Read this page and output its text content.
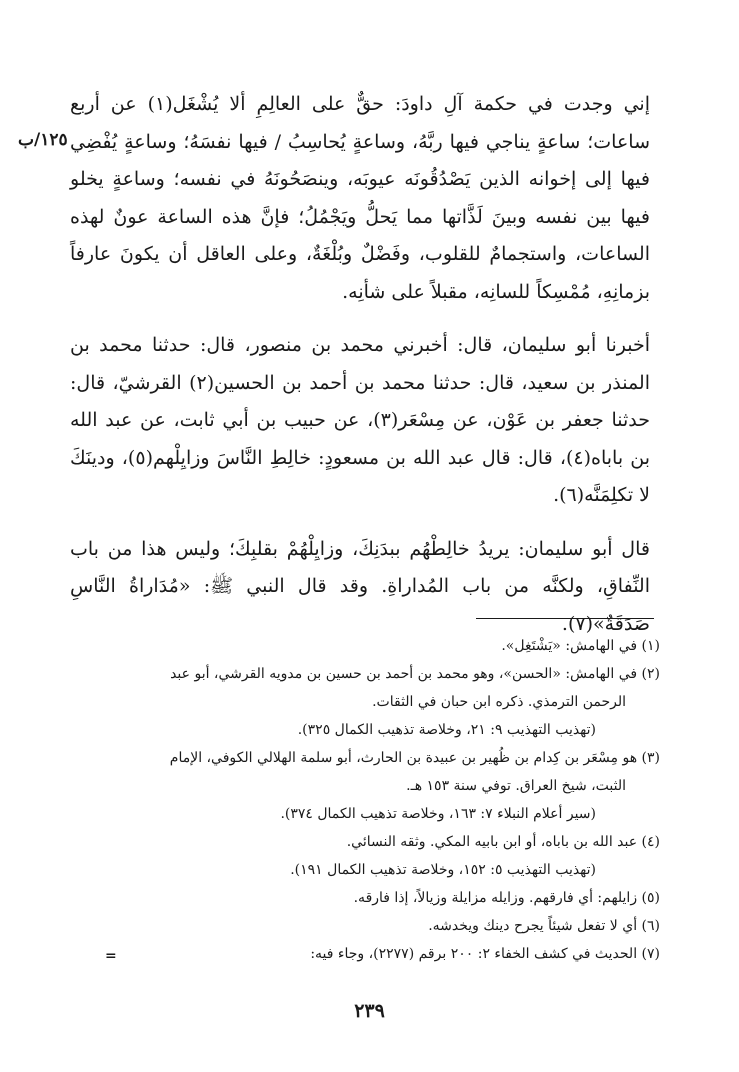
١٢٥/ب

إني وجدت في حكمة آلِ داودَ: حقٌّ على العالِمِ ألا يُشْغَل(١) عن أربع ساعات؛ ساعةٍ يناجي فيها ربَّهُ، وساعةٍ يُحاسِبُ / فيها نفسَهُ؛ وساعةٍ يُفْضِي فيها إلى إخوانه الذين يَصْدُقُونَه عيوبَه، وينصَحُونَهُ في نفسه؛ وساعةٍ يخلو فيها بين نفسه وبينَ لَذَّاتها مما يَحلُّ ويَجْمُلُ؛ فإنَّ هذه الساعة عونٌ لهذه الساعات، واستجمامٌ للقلوب، وفَضْلٌ وبُلْغَةٌ، وعلى العاقل أن يكونَ عارفاً بزمانِهِ، مُمْسِكاً للسانِه، مقبلاً على شأنِه.

أخبرنا أبو سليمان، قال: أخبرني محمد بن منصور، قال: حدثنا محمد بن المنذر بن سعيد، قال: حدثنا محمد بن أحمد بن الحسين(٢) القرشيّ، قال: حدثنا جعفر بن عَوْن، عن مِسْعَر(٣)، عن حبيب بن أبي ثابت، عن عبد الله بن باباه(٤)، قال: قال عبد الله بن مسعودٍ: خالِطِ النَّاسَ وزايِلْهم(٥)، ودينَكَ لا تكلِمَنَّه(٦).

قال أبو سليمان: يريدُ خالِطْهُم ببدَنِكَ، وزايِلْهُمْ بقلبِكَ؛ وليس هذا من باب النِّفاقِ، ولكنَّه من باب المُداراةِ. وقد قال النبي ﷺ: «مُدَاراةُ النَّاسِ صَدَقَةٌ»(٧).

(١) في الهامش: «يَشْتَغِل».

(٢) في الهامش: «الحسن»، وهو محمد بن أحمد بن حسين بن مدويه القرشي، أبو عبد

الرحمن الترمذي. ذكره ابن حبان في الثقات.

(تهذيب التهذيب ٩: ٢١، وخلاصة تذهيب الكمال ٣٢٥).

(٣) هو مِسْعَر بن كِدام بن ظُهير بن عبيدة بن الحارث، أبو سلمة الهلالي الكوفي، الإمام

الثبت، شيخ العراق. توفي سنة ١٥٣ هـ.

(سير أعلام النبلاء ٧: ١٦٣، وخلاصة تذهيب الكمال ٣٧٤).

(٤) عبد الله بن باباه، أو ابن بابيه المكي. وثقه النسائي.

(تهذيب التهذيب ٥: ١٥٢، وخلاصة تذهيب الكمال ١٩١).

(٥) زايلهم: أي فارقهم. وزايله مزايلة وزيالاً، إذا فارقه.

(٦) أي لا تفعل شيئاً يجرح دينك ويخدشه.

(٧) الحديث في كشف الخفاء ٢: ٢٠٠ برقم (٢٢٧٧)، وجاء فيه:

=
٢٣٩
